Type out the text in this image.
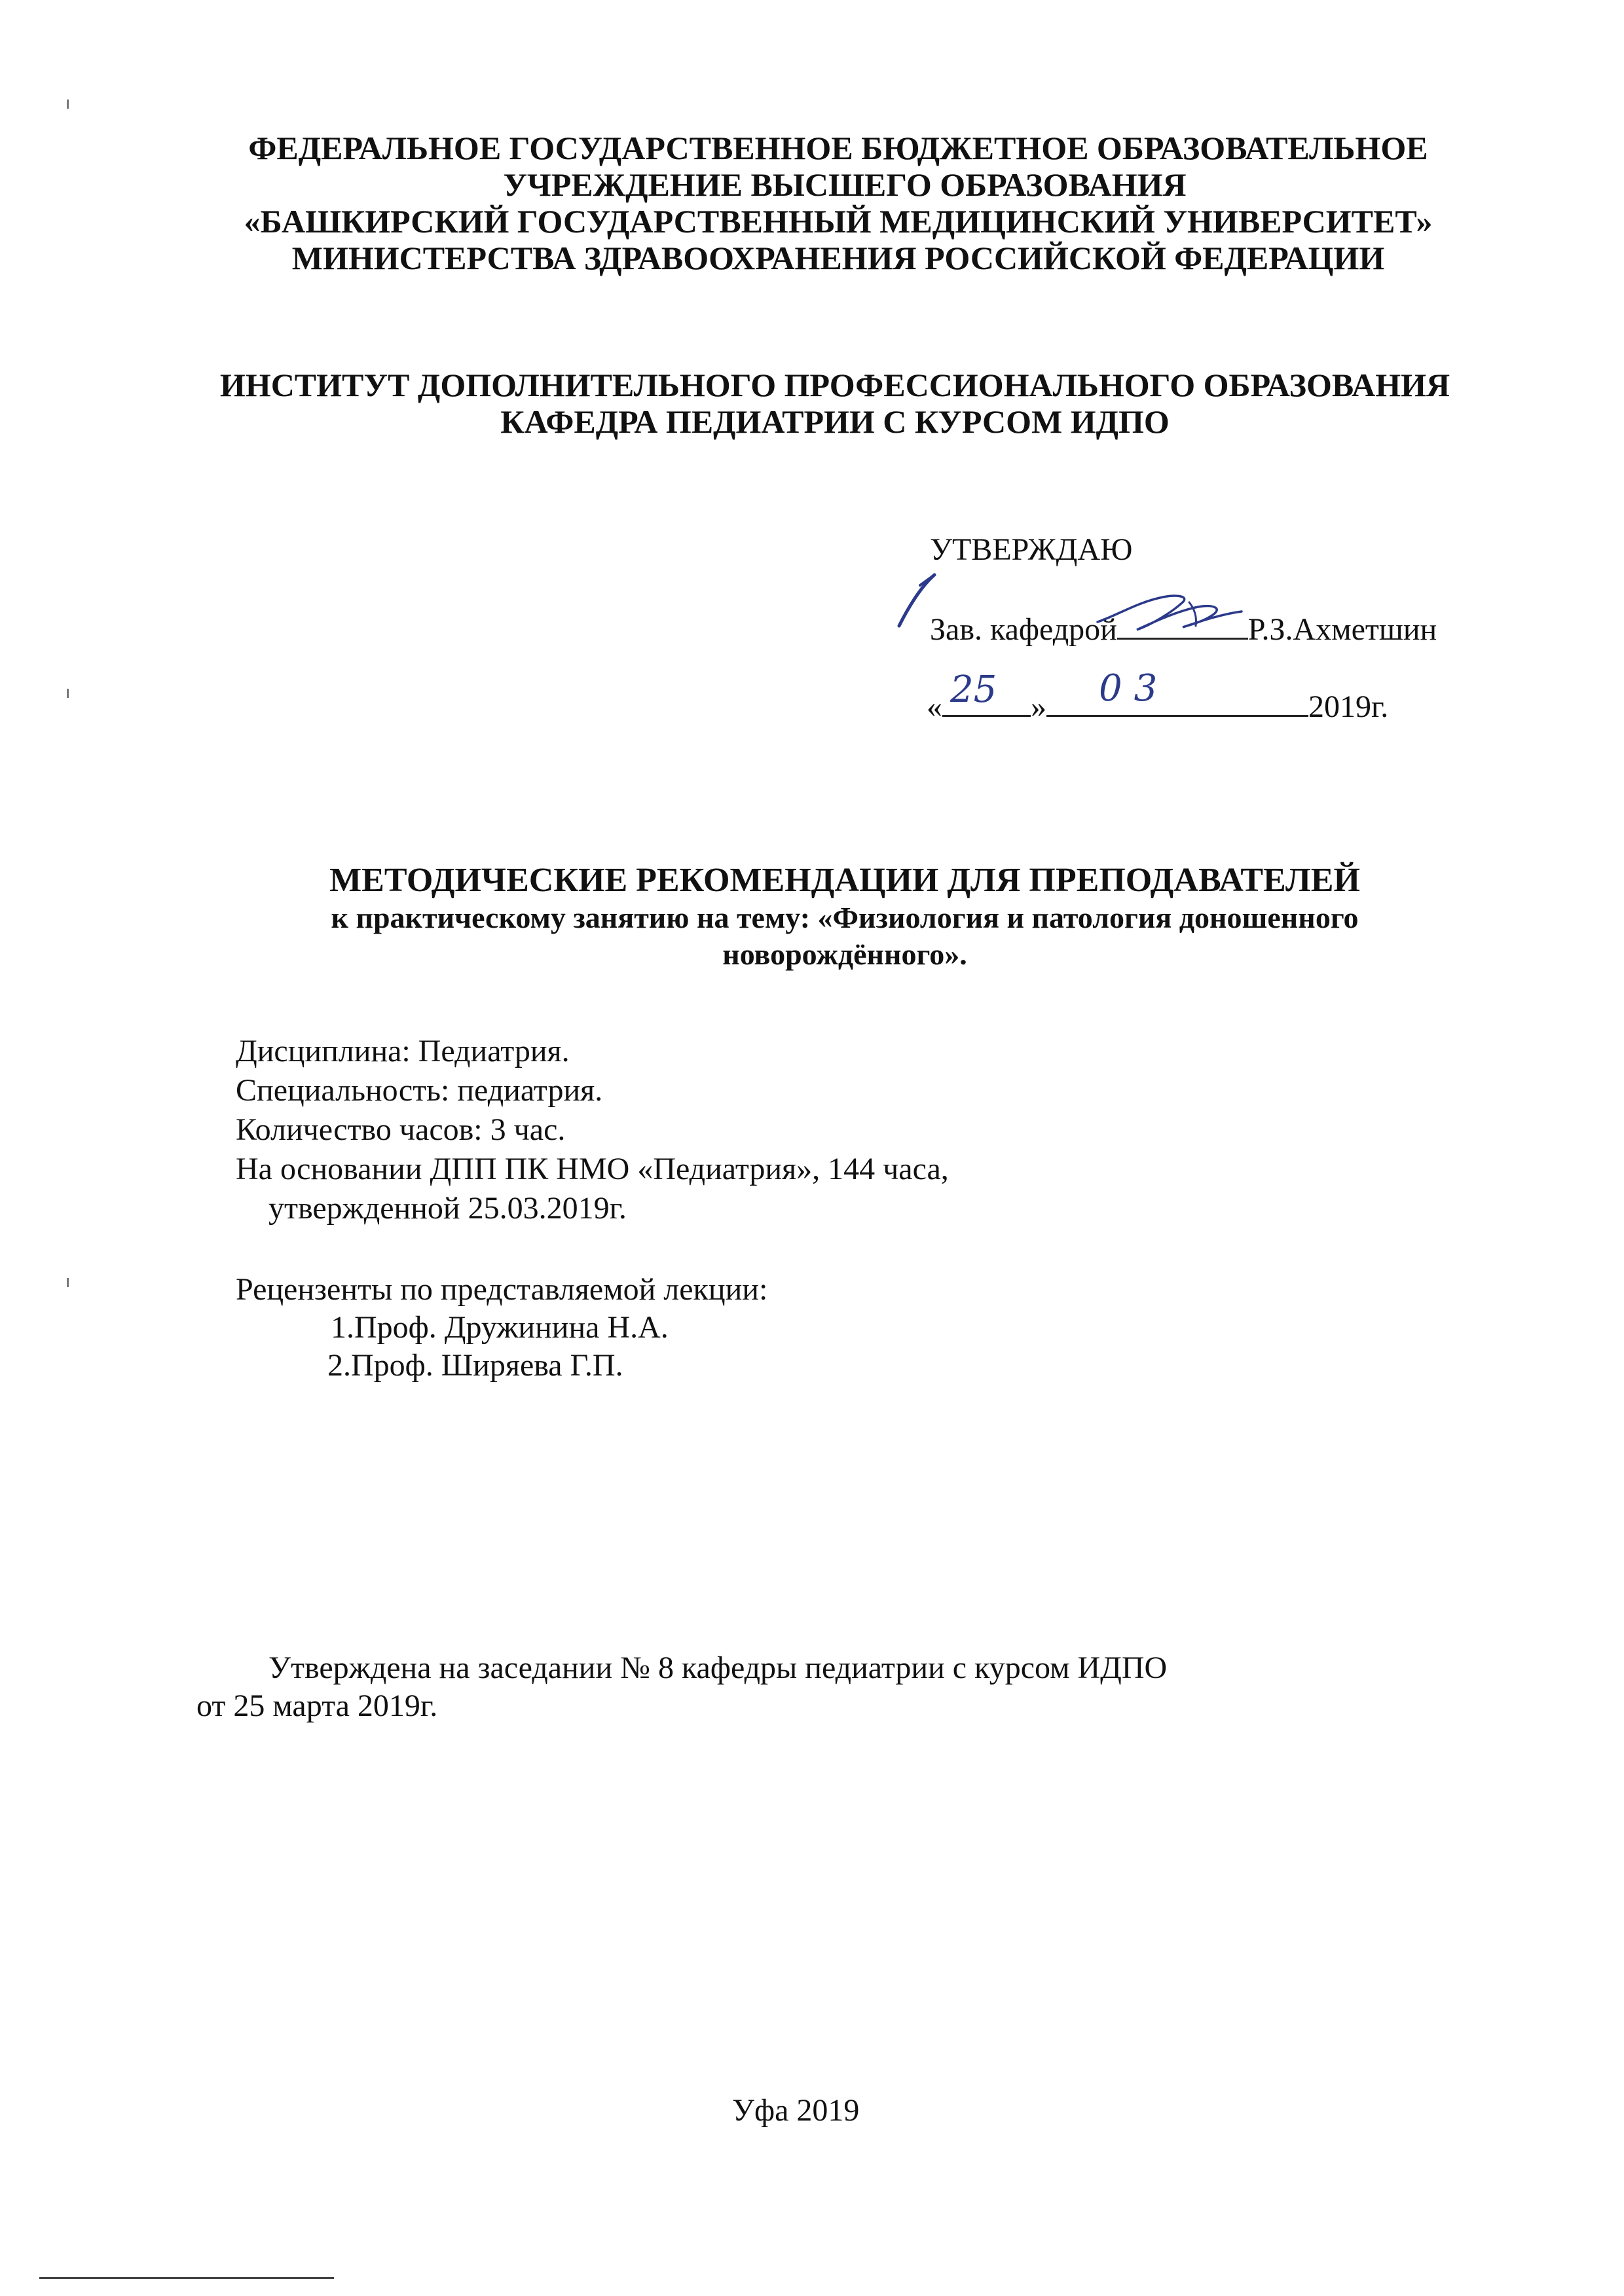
ФЕДЕРАЛЬНОЕ ГОСУДАРСТВЕННОЕ БЮДЖЕТНОЕ ОБРАЗОВАТЕЛЬНОЕ
УЧРЕЖДЕНИЕ ВЫСШЕГО ОБРАЗОВАНИЯ
«БАШКИРСКИЙ ГОСУДАРСТВЕННЫЙ МЕДИЦИНСКИЙ УНИВЕРСИТЕТ»
МИНИСТЕРСТВА ЗДРАВООХРАНЕНИЯ РОССИЙСКОЙ ФЕДЕРАЦИИ
ИНСТИТУТ ДОПОЛНИТЕЛЬНОГО ПРОФЕССИОНАЛЬНОГО ОБРАЗОВАНИЯ
КАФЕДРА ПЕДИАТРИИ С КУРСОМ ИДПО
УТВЕРЖДАЮ
Зав. кафедрой	Р.З.Ахметшин
« 25 » 03	2019г.
МЕТОДИЧЕСКИЕ РЕКОМЕНДАЦИИ ДЛЯ ПРЕПОДАВАТЕЛЕЙ
к практическому занятию на тему: «Физиология и патология доношенного
новорождённого».
Дисциплина: Педиатрия.
Специальность: педиатрия.
Количество часов: 3 час.
На основании ДПП ПК НМО «Педиатрия», 144 часа,
утвержденной 25.03.2019г.
Рецензенты по представляемой лекции:
1.Проф. Дружинина Н.А.
2.Проф. Ширяева Г.П.
Утверждена на заседании № 8 кафедры педиатрии с курсом ИДПО
от 25 марта 2019г.
Уфа 2019
